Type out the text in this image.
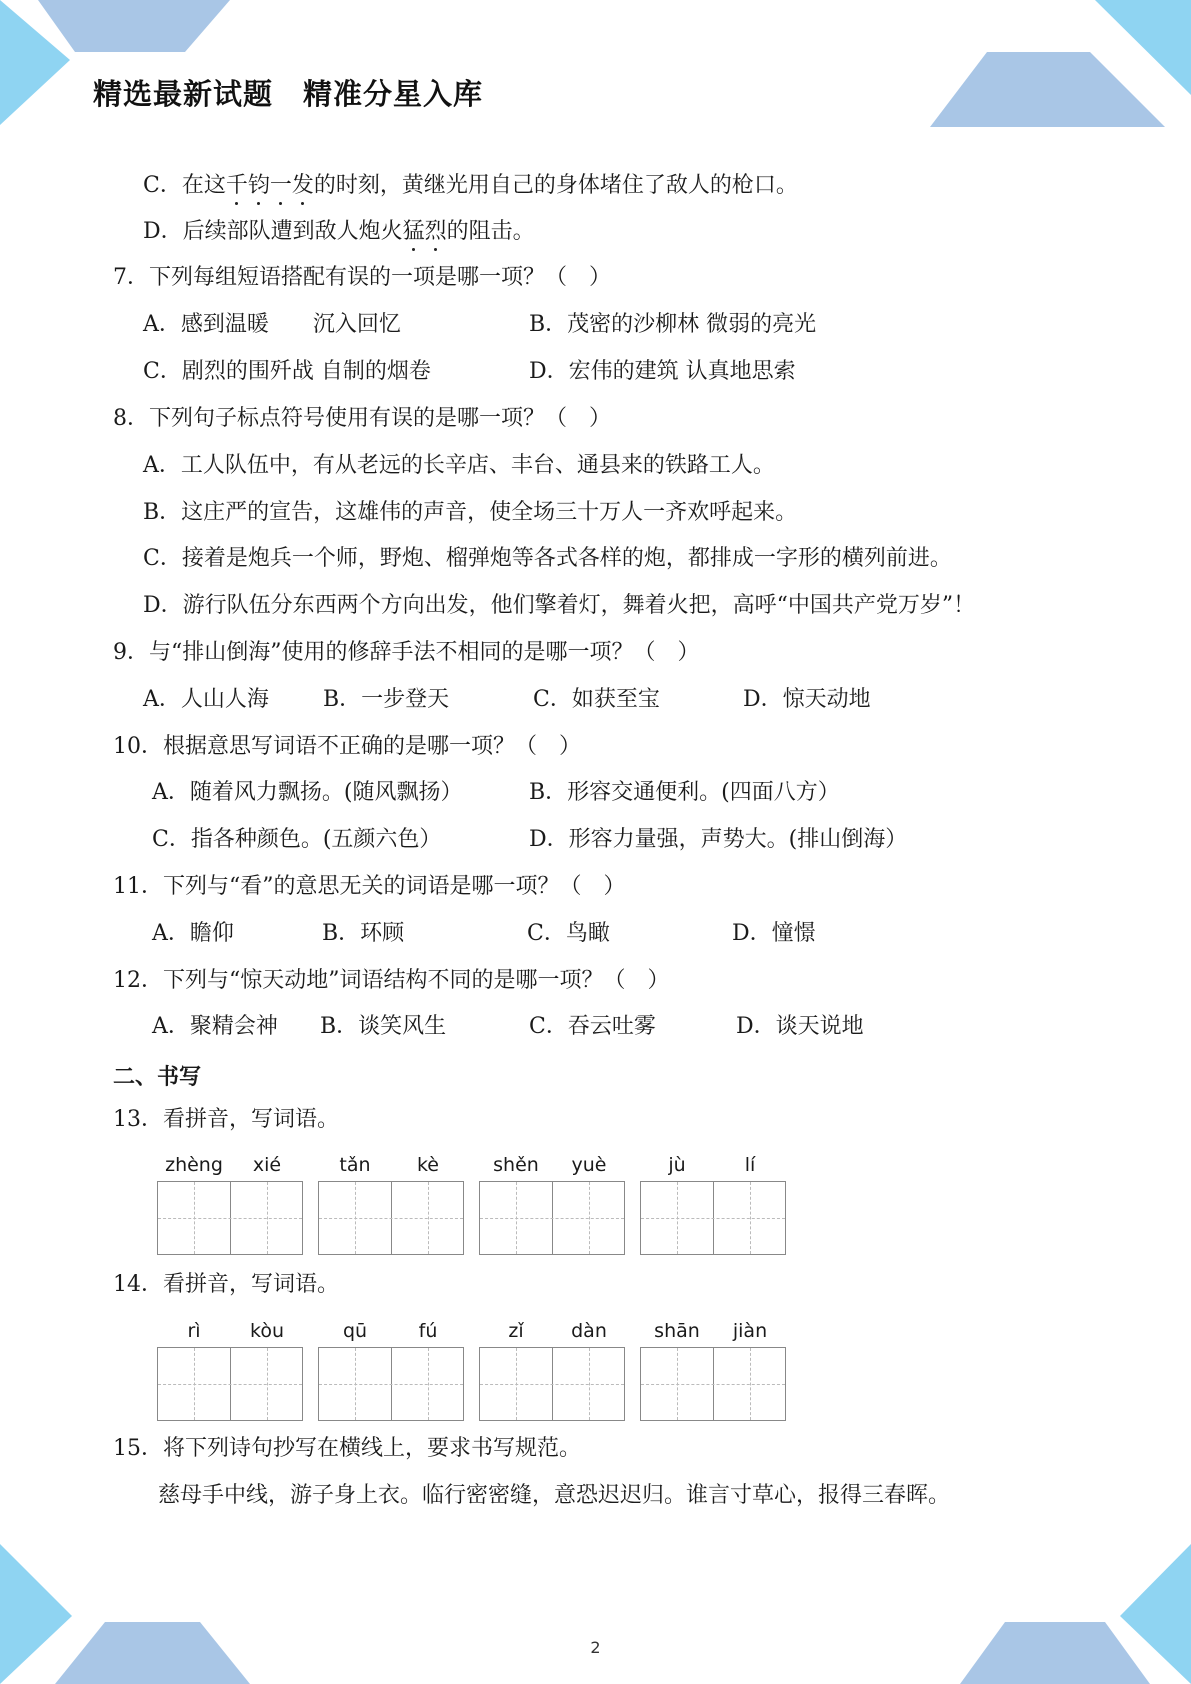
精选最新试题　精准分星入库
C．在这千钧一发的时刻，黄继光用自己的身体堵住了敌人的枪口。
D．后续部队遭到敌人炮火猛烈的阻击。
7．下列每组短语搭配有误的一项是哪一项？（　）
A．感到温暖　　沉入回忆	B．茂密的沙柳林 微弱的亮光
C．剧烈的围歼战 自制的烟卷	D．宏伟的建筑 认真地思索
8．下列句子标点符号使用有误的是哪一项？（　）
A．工人队伍中，有从老远的长辛店、丰台、通县来的铁路工人。
B．这庄严的宣告，这雄伟的声音，使全场三十万人一齐欢呼起来。
C．接着是炮兵一个师，野炮、榴弹炮等各式各样的炮，都排成一字形的横列前进。
D．游行队伍分东西两个方向出发，他们擎着灯，舞着火把，高呼“中国共产党万岁”！
9．与“排山倒海”使用的修辞手法不相同的是哪一项？（　）
A．人山人海 B．一步登天	C．如获至宝	D．惊天动地
10．根据意思写词语不正确的是哪一项？（　）
A．随着风力飘扬。(随风飘扬）	B．形容交通便利。(四面八方）
C．指各种颜色。(五颜六色）	D．形容力量强，声势大。(排山倒海）
11．下列与“看”的意思无关的词语是哪一项？（　）
A．瞻仰	B．环顾	C．鸟瞰	D．憧憬
12．下列与“惊天动地”词语结构不同的是哪一项？（　）
A．聚精会神 B．谈笑风生	C．吞云吐雾	D．谈天说地
二、书写
13．看拼音，写词语。
zhèng	xié	tǎn	kè	shěn	yuè	jù	lí
14．看拼音，写词语。
rì	kòu	qū	fú	zǐ	dàn	shān	jiàn
15．将下列诗句抄写在横线上，要求书写规范。
慈母手中线，游子身上衣。临行密密缝，意恐迟迟归。谁言寸草心，报得三春晖。
2
